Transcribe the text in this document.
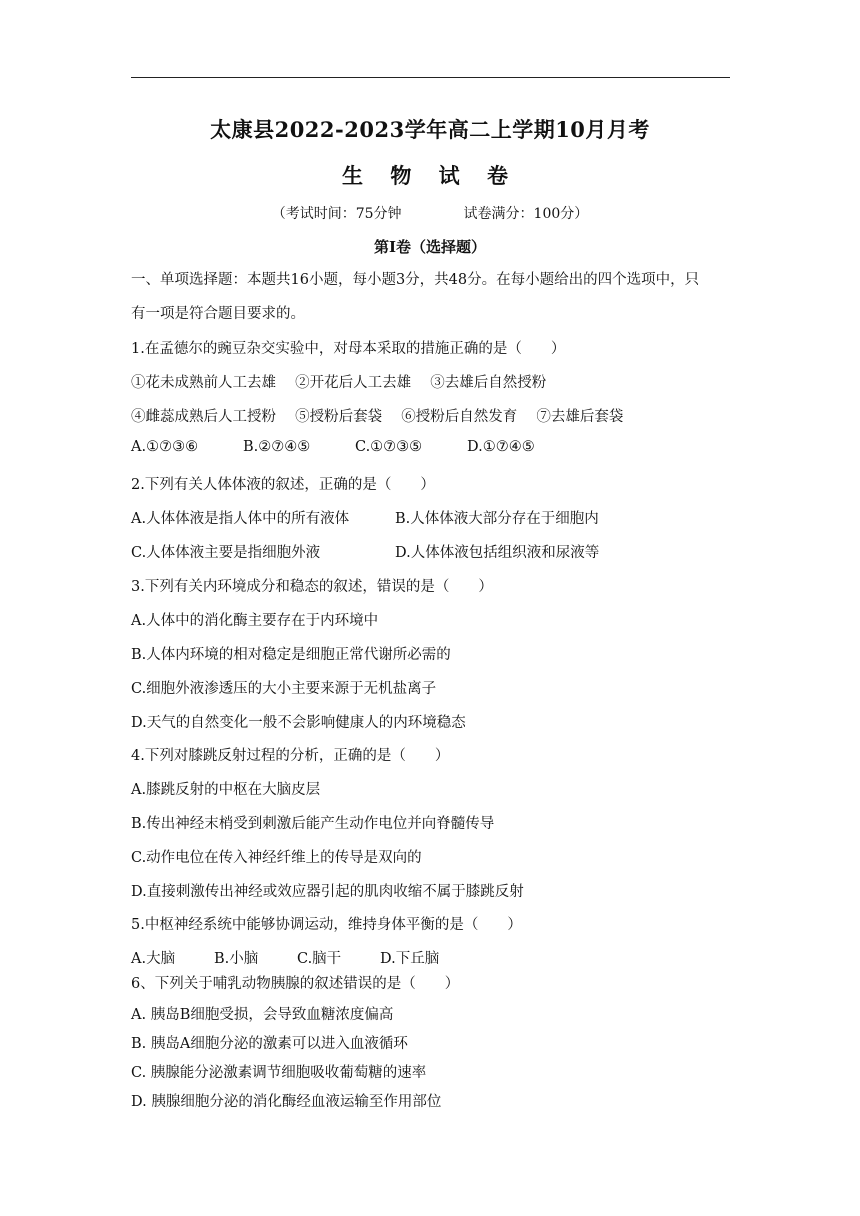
太康县2022-2023学年高二上学期10月月考
生 物 试 卷
（考试时间：75分钟	试卷满分：100分）
第Ⅰ卷（选择题）
一、单项选择题：本题共16小题，每小题3分，共48分。在每小题给出的四个选项中，只
有一项是符合题目要求的。
1.在孟德尔的豌豆杂交实验中，对母本采取的措施正确的是（　　）
①花未成熟前人工去雄　 ②开花后人工去雄　 ③去雄后自然授粉
④雌蕊成熟后人工授粉　 ⑤授粉后套袋　 ⑥授粉后自然发育　 ⑦去雄后套袋
A.①⑦③⑥	B.②⑦④⑤	C.①⑦③⑤	D.①⑦④⑤
2.下列有关人体体液的叙述，正确的是（　　）
A.人体体液是指人体中的所有液体	B.人体体液大部分存在于细胞内
C.人体体液主要是指细胞外液	D.人体体液包括组织液和尿液等
3.下列有关内环境成分和稳态的叙述，错误的是（　　）
A.人体中的消化酶主要存在于内环境中
B.人体内环境的相对稳定是细胞正常代谢所必需的
C.细胞外液渗透压的大小主要来源于无机盐离子
D.天气的自然变化一般不会影响健康人的内环境稳态
4.下列对膝跳反射过程的分析，正确的是（　　）
A.膝跳反射的中枢在大脑皮层
B.传出神经末梢受到刺激后能产生动作电位并向脊髓传导
C.动作电位在传入神经纤维上的传导是双向的
D.直接刺激传出神经或效应器引起的肌肉收缩不属于膝跳反射
5.中枢神经系统中能够协调运动，维持身体平衡的是（　　）
A.大脑	B.小脑	C.脑干	D.下丘脑
6、下列关于哺乳动物胰腺的叙述错误的是（　　）
A. 胰岛B细胞受损，会导致血糖浓度偏高
B. 胰岛A细胞分泌的激素可以进入血液循环
C. 胰腺能分泌激素调节细胞吸收葡萄糖的速率
D. 胰腺细胞分泌的消化酶经血液运输至作用部位
